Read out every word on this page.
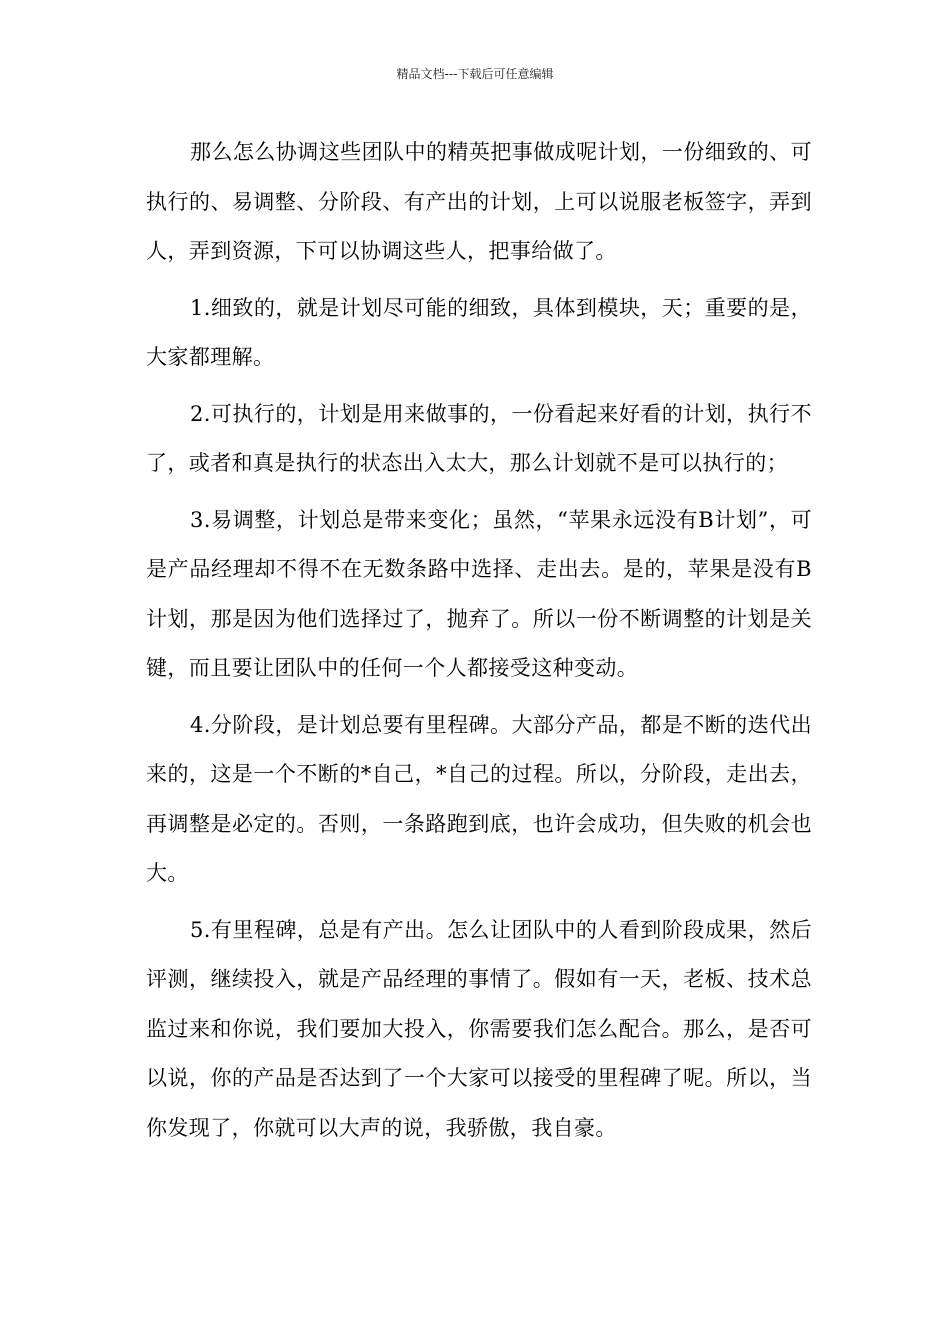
精品文档---下载后可任意编辑

那么怎么协调这些团队中的精英把事做成呢计划，一份细致的、可执行的、易调整、分阶段、有产出的计划，上可以说服老板签字，弄到人，弄到资源，下可以协调这些人，把事给做了。

1.细致的，就是计划尽可能的细致，具体到模块，天；重要的是，大家都理解。

2.可执行的，计划是用来做事的，一份看起来好看的计划，执行不了，或者和真是执行的状态出入太大，那么计划就不是可以执行的；

3.易调整，计划总是带来变化；虽然，“苹果永远没有B计划”，可是产品经理却不得不在无数条路中选择、走出去。是的，苹果是没有B计划，那是因为他们选择过了，抛弃了。所以一份不断调整的计划是关键，而且要让团队中的任何一个人都接受这种变动。

4.分阶段，是计划总要有里程碑。大部分产品，都是不断的迭代出来的，这是一个不断的*自己，*自己的过程。所以，分阶段，走出去，再调整是必定的。否则，一条路跑到底，也许会成功，但失败的机会也大。

5.有里程碑，总是有产出。怎么让团队中的人看到阶段成果，然后评测，继续投入，就是产品经理的事情了。假如有一天，老板、技术总监过来和你说，我们要加大投入，你需要我们怎么配合。那么，是否可以说，你的产品是否达到了一个大家可以接受的里程碑了呢。所以，当你发现了，你就可以大声的说，我骄傲，我自豪。
